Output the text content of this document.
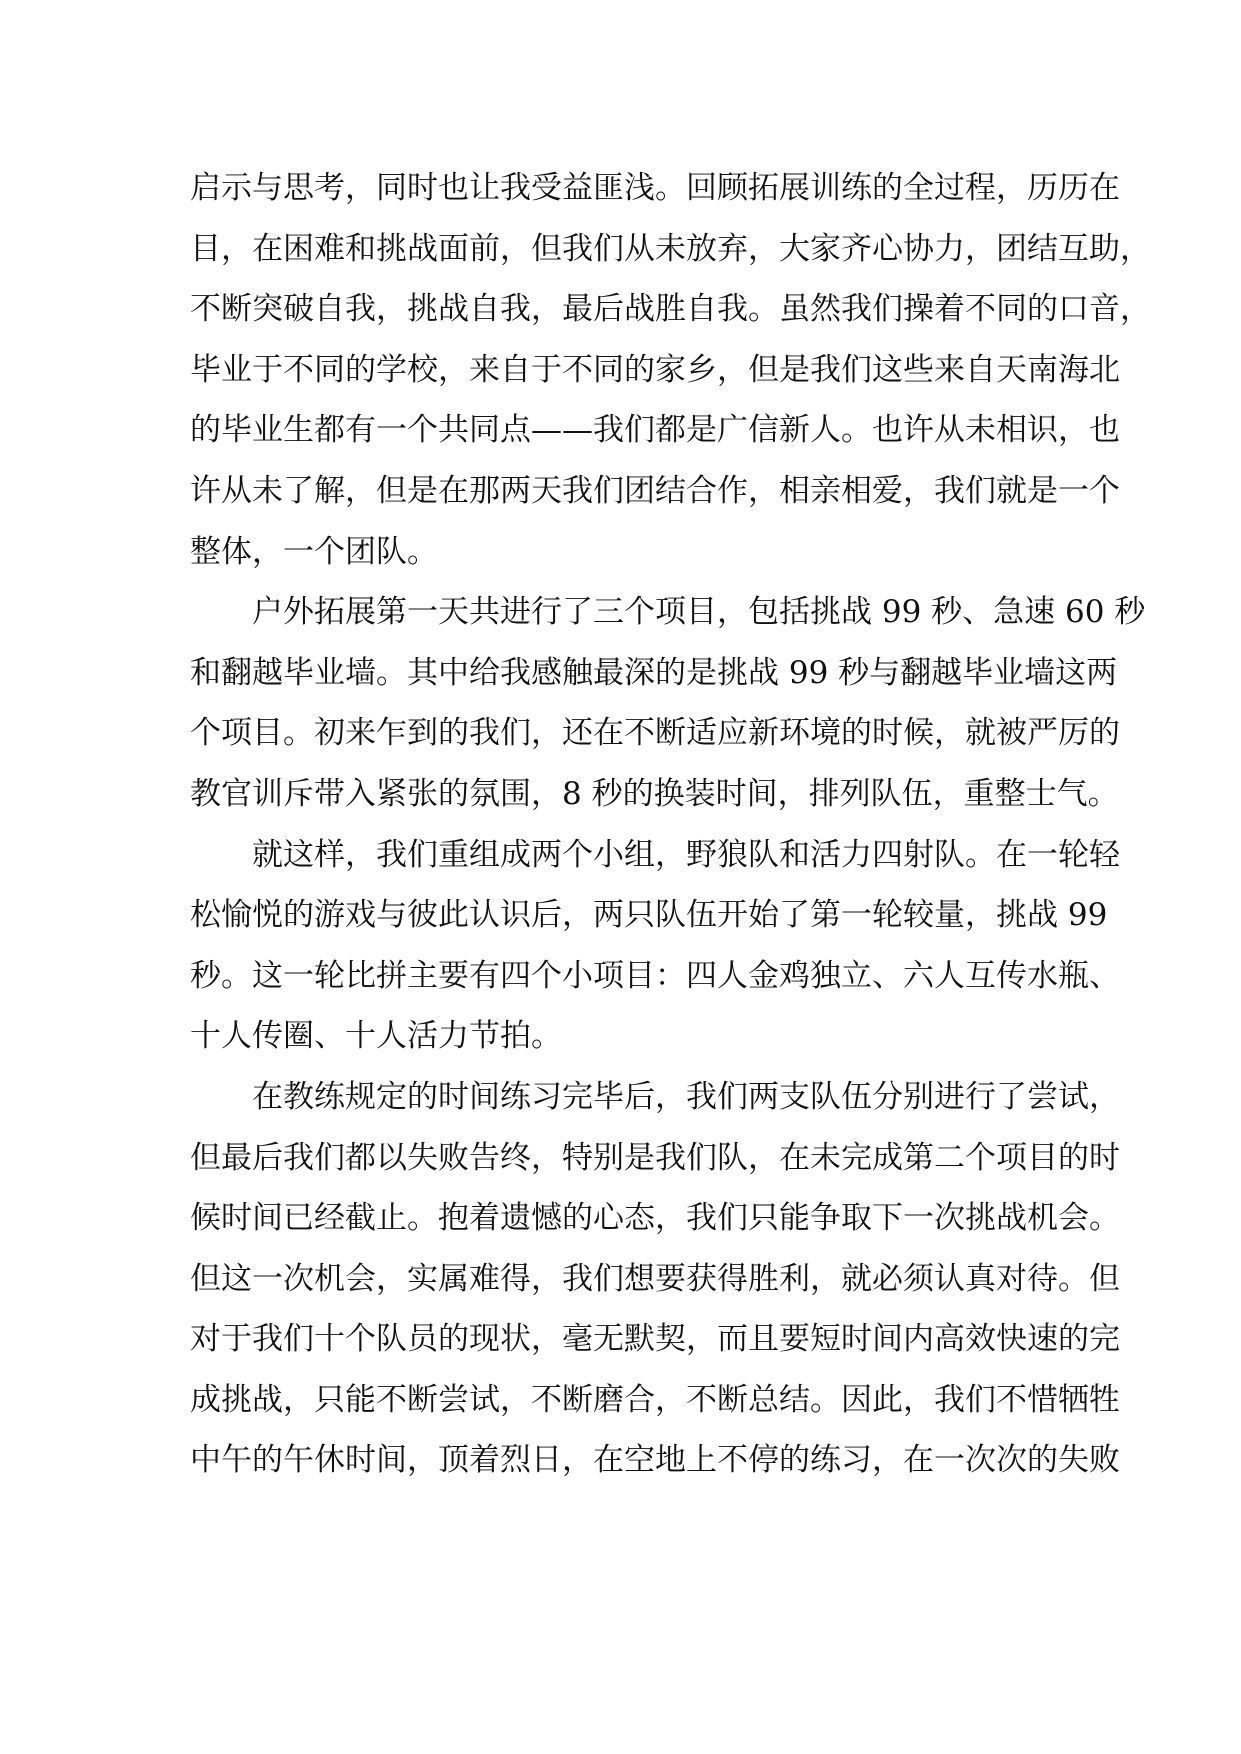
启示与思考，同时也让我受益匪浅。回顾拓展训练的全过程，历历在
目，在困难和挑战面前，但我们从未放弃，大家齐心协力，团结互助，
不断突破自我，挑战自我，最后战胜自我。虽然我们操着不同的口音，
毕业于不同的学校，来自于不同的家乡，但是我们这些来自天南海北
的毕业生都有一个共同点——我们都是广信新人。也许从未相识，也
许从未了解，但是在那两天我们团结合作，相亲相爱，我们就是一个
整体，一个团队。
户外拓展第一天共进行了三个项目，包括挑战 99 秒、急速 60 秒
和翻越毕业墙。其中给我感触最深的是挑战 99 秒与翻越毕业墙这两
个项目。初来乍到的我们，还在不断适应新环境的时候，就被严厉的
教官训斥带入紧张的氛围，8 秒的换装时间，排列队伍，重整士气。
就这样，我们重组成两个小组，野狼队和活力四射队。在一轮轻
松愉悦的游戏与彼此认识后，两只队伍开始了第一轮较量，挑战 99
秒。这一轮比拼主要有四个小项目：四人金鸡独立、六人互传水瓶、
十人传圈、十人活力节拍。
在教练规定的时间练习完毕后，我们两支队伍分别进行了尝试，
但最后我们都以失败告终，特别是我们队，在未完成第二个项目的时
候时间已经截止。抱着遗憾的心态，我们只能争取下一次挑战机会。
但这一次机会，实属难得，我们想要获得胜利，就必须认真对待。但
对于我们十个队员的现状，毫无默契，而且要短时间内高效快速的完
成挑战，只能不断尝试，不断磨合，不断总结。因此，我们不惜牺牲
中午的午休时间，顶着烈日，在空地上不停的练习，在一次次的失败
